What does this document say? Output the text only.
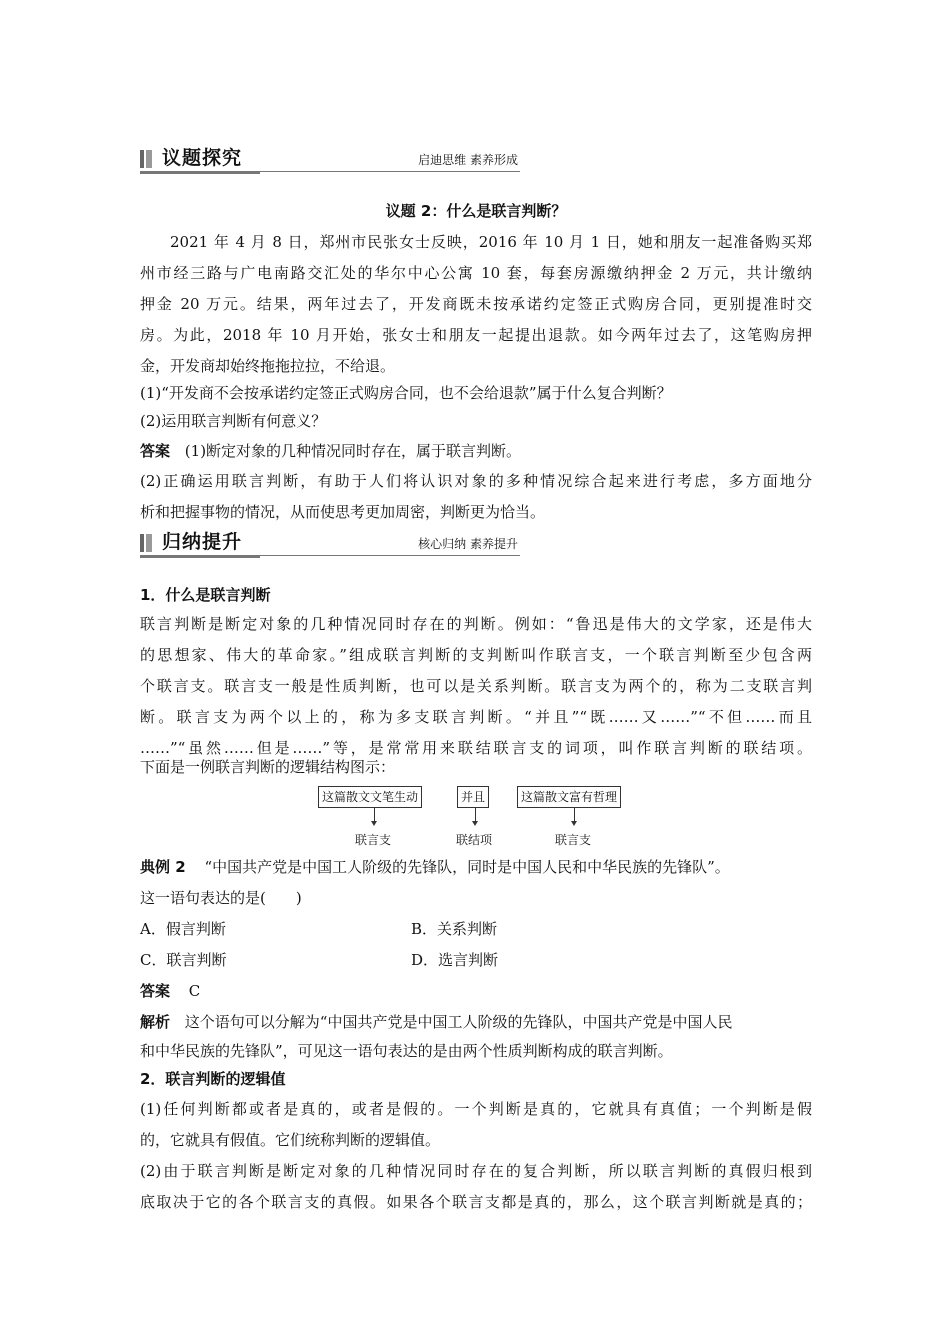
议题探究	启迪思维 素养形成
议题 2：什么是联言判断？
2021 年 4 月 8 日，郑州市民张女士反映，2016 年 10 月 1 日，她和朋友一起准备购买郑
州市经三路与广电南路交汇处的华尔中心公寓 10 套，每套房源缴纳押金 2 万元，共计缴纳
押金 20 万元。结果，两年过去了，开发商既未按承诺约定签正式购房合同，更别提准时交
房。为此，2018 年 10 月开始，张女士和朋友一起提出退款。如今两年过去了，这笔购房押
金，开发商却始终拖拖拉拉，不给退。
(1)“开发商不会按承诺约定签正式购房合同，也不会给退款”属于什么复合判断？
(2)运用联言判断有何意义？
答案 (1)断定对象的几种情况同时存在，属于联言判断。
(2)正确运用联言判断，有助于人们将认识对象的多种情况综合起来进行考虑，多方面地分
析和把握事物的情况，从而使思考更加周密，判断更为恰当。
归纳提升	核心归纳 素养提升
1．什么是联言判断
联言判断是断定对象的几种情况同时存在的判断。例如：“鲁迅是伟大的文学家，还是伟大
的思想家、伟大的革命家。”组成联言判断的支判断叫作联言支，一个联言判断至少包含两
个联言支。联言支一般是性质判断，也可以是关系判断。联言支为两个的，称为二支联言判
断。联言支为两个以上的，称为多支联言判断。“并且”“既……又……”“不但……而且
……”“虽然……但是……”等，是常常用来联结联言支的词项，叫作联言判断的联结项。
下面是一例联言判断的逻辑结构图示：
这篇散文文笔生动	并且	这篇散文富有哲理
联言支	联结项	联言支
典例 2 “中国共产党是中国工人阶级的先锋队，同时是中国人民和中华民族的先锋队”。
这一语句表达的是(　　)
A．假言判断	B．关系判断
C．联言判断	D．选言判断
答案 C
解析 这个语句可以分解为“中国共产党是中国工人阶级的先锋队，中国共产党是中国人民
和中华民族的先锋队”，可见这一语句表达的是由两个性质判断构成的联言判断。
2．联言判断的逻辑值
(1)任何判断都或者是真的，或者是假的。一个判断是真的，它就具有真值；一个判断是假
的，它就具有假值。它们统称判断的逻辑值。
(2)由于联言判断是断定对象的几种情况同时存在的复合判断，所以联言判断的真假归根到
底取决于它的各个联言支的真假。如果各个联言支都是真的，那么，这个联言判断就是真的；
